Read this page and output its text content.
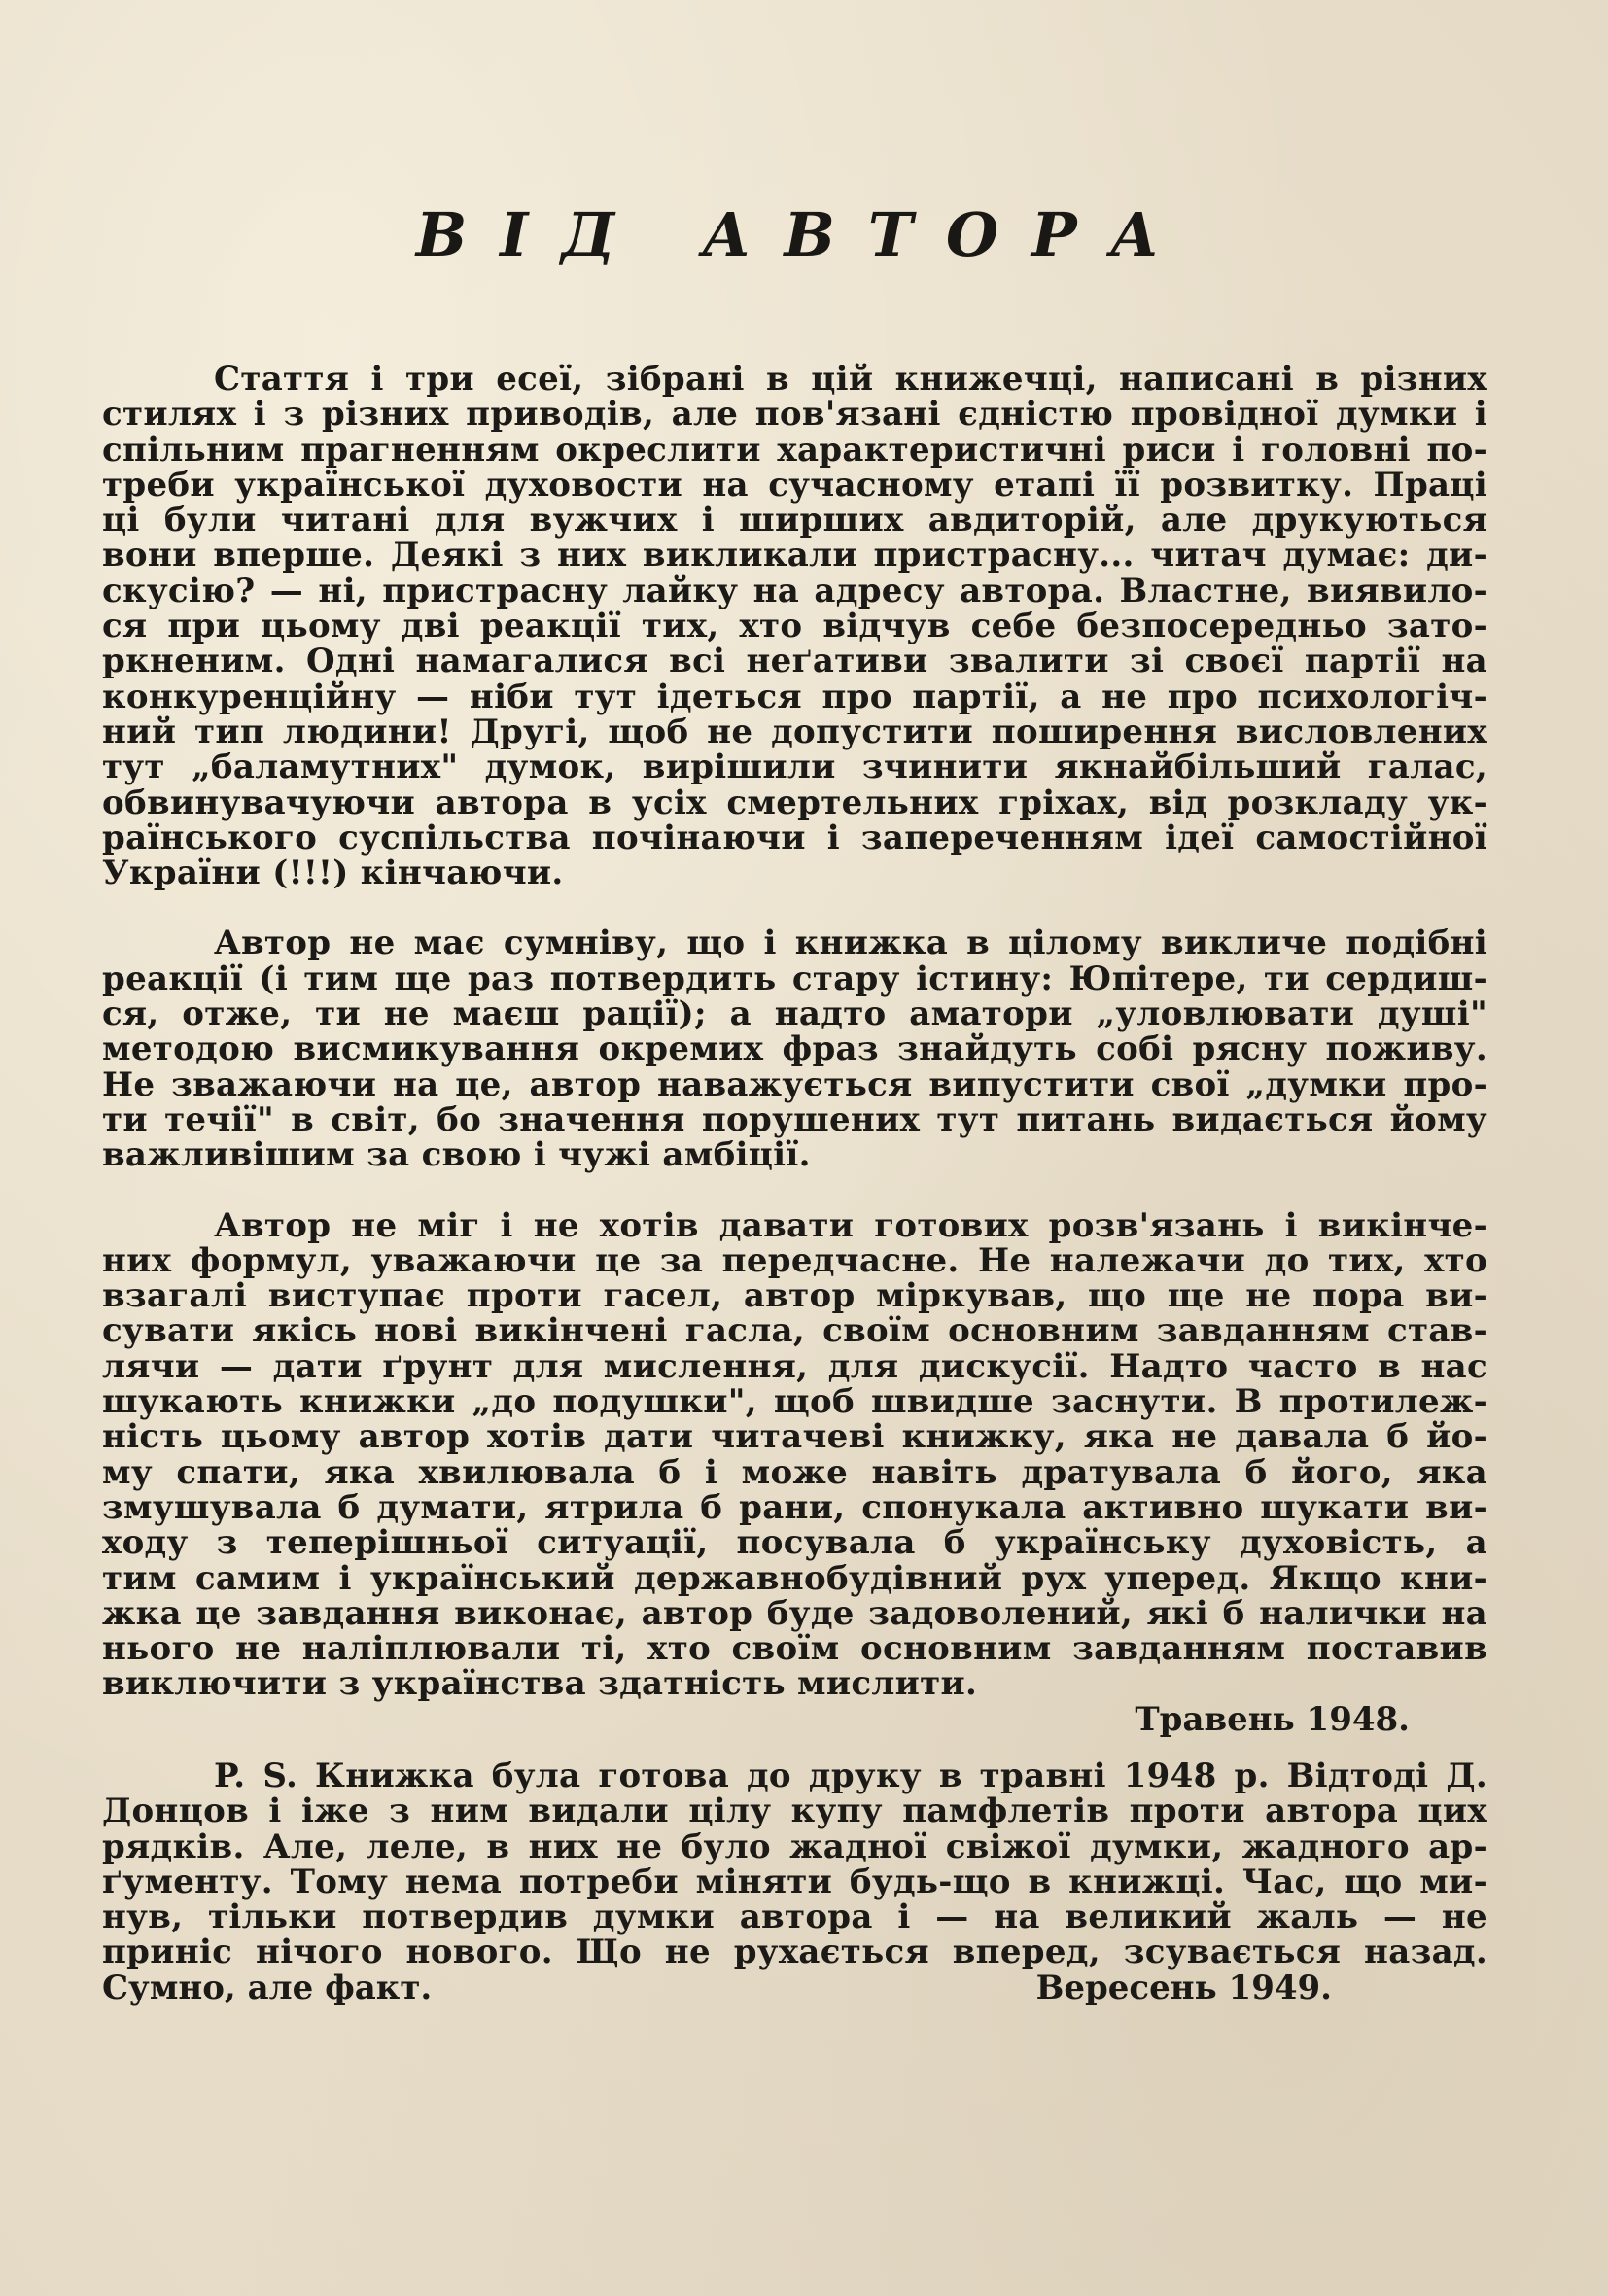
ВІД АВТОРА
Стаття і три есеї, зібрані в цій книжечці, написані в різних
стилях і з різних приводів, але пов'язані єдністю провідної думки і
спільним прагненням окреслити характеристичні риси і головні по-
треби української духовости на сучасному етапі її розвитку. Праці
ці були читані для вужчих і ширших авдиторій, але друкуються
вони вперше. Деякі з них викликали пристрасну... читач думає: ди-
скусію? — ні, пристрасну лайку на адресу автора. Властне, виявило-
ся при цьому дві реакції тих, хто відчув себе безпосередньо зато-
ркненим. Одні намагалися всі неґативи звалити зі своєї партії на
конкуренційну — ніби тут ідеться про партії, а не про психологіч-
ний тип людини! Другі, щоб не допустити поширення висловлених
тут „баламутних" думок, вирішили зчинити якнайбільший галас,
обвинувачуючи автора в усіх смертельних гріхах, від розкладу ук-
раїнського суспільства почінаючи і запереченням ідеї самостійної
України (!!!) кінчаючи.
Автор не має сумніву, що і книжка в цілому викличе подібні
реакції (і тим ще раз потвердить стару істину: Юпітере, ти сердиш-
ся, отже, ти не маєш рації); а надто аматори „уловлювати душі"
методою висмикування окремих фраз знайдуть собі рясну поживу.
Не зважаючи на це, автор наважується випустити свої „думки про-
ти течії" в світ, бо значення порушених тут питань видається йому
важливішим за свою і чужі амбіції.
Автор не міг і не хотів давати готових розв'язань і викінче-
них формул, уважаючи це за передчасне. Не належачи до тих, хто
взагалі виступає проти гасел, автор міркував, що ще не пора ви-
сувати якісь нові викінчені гасла, своїм основним завданням став-
лячи — дати ґрунт для мислення, для дискусії. Надто часто в нас
шукають книжки „до подушки", щоб швидше заснути. В протилеж-
ність цьому автор хотів дати читачеві книжку, яка не давала б йо-
му спати, яка хвилювала б і може навіть дратувала б його, яка
змушувала б думати, ятрила б рани, спонукала активно шукати ви-
ходу з теперішньої ситуації, посувала б українську духовість, а
тим самим і український державнобудівний рух уперед. Якщо кни-
жка це завдання виконає, автор буде задоволений, які б налички на
нього не наліплювали ті, хто своїм основним завданням поставив
виключити з українства здатність мислити.
Травень 1948.
P. S. Книжка була готова до друку в травні 1948 р. Відтоді Д.
Донцов і іже з ним видали цілу купу памфлетів проти автора цих
рядків. Але, леле, в них не було жадної свіжої думки, жадного ар-
ґументу. Тому нема потреби міняти будь-що в книжці. Час, що ми-
нув, тільки потвердив думки автора і — на великий жаль — не
приніс нічого нового. Що не рухається вперед, зсувається назад.
Сумно, але факт.	Вересень 1949.
